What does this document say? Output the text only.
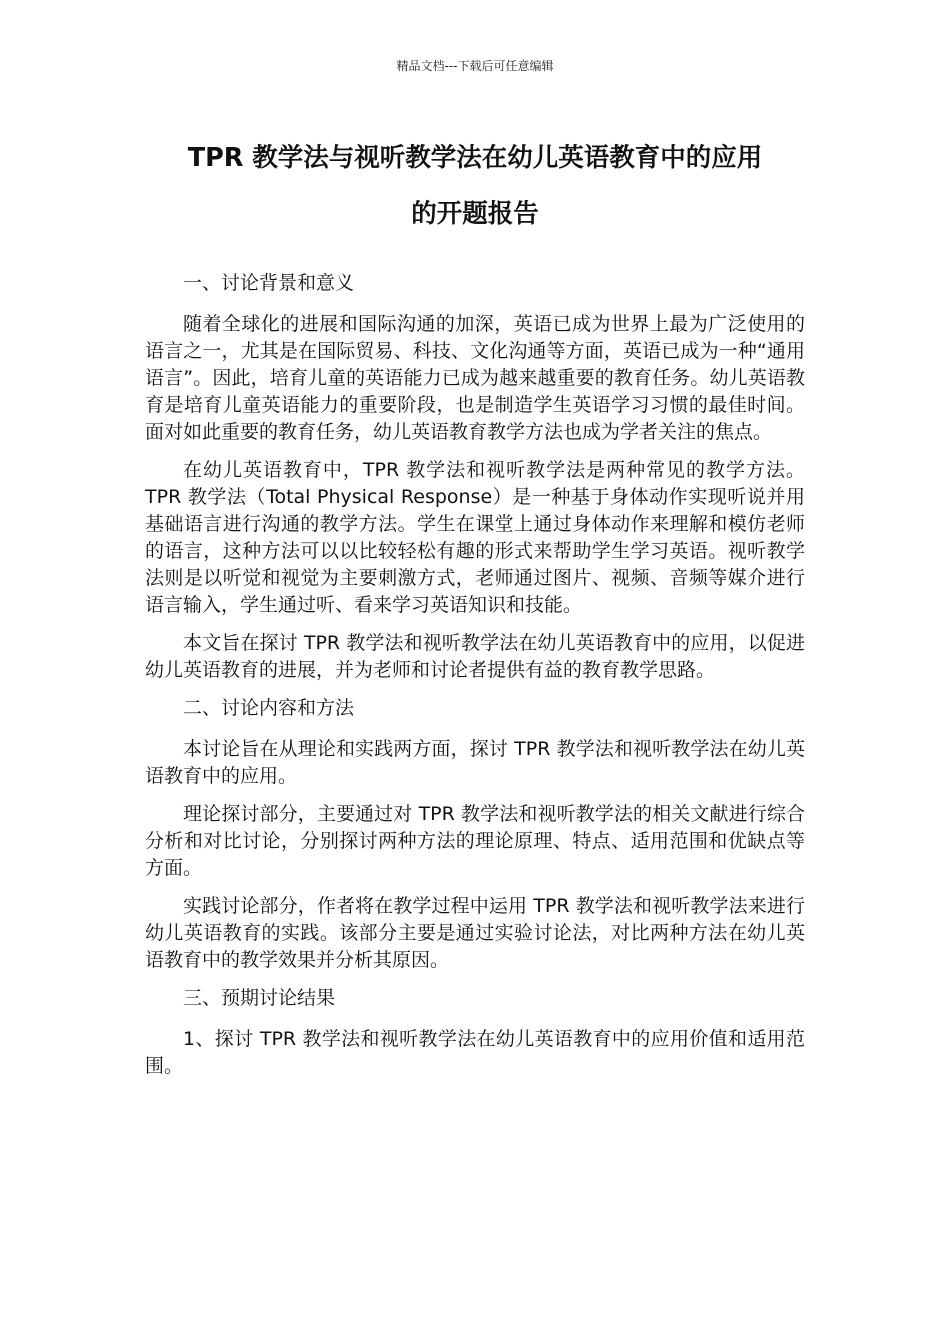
精品文档---下载后可任意编辑
TPR 教学法与视听教学法在幼儿英语教育中的应用
的开题报告

一、讨论背景和意义

随着全球化的进展和国际沟通的加深，英语已成为世界上最为广泛使用的语言之一，尤其是在国际贸易、科技、文化沟通等方面，英语已成为一种“通用语言”。因此，培育儿童的英语能力已成为越来越重要的教育任务。幼儿英语教育是培育儿童英语能力的重要阶段，也是制造学生英语学习习惯的最佳时间。面对如此重要的教育任务，幼儿英语教育教学方法也成为学者关注的焦点。

在幼儿英语教育中，TPR 教学法和视听教学法是两种常见的教学方法。TPR 教学法（Total Physical Response）是一种基于身体动作实现听说并用基础语言进行沟通的教学方法。学生在课堂上通过身体动作来理解和模仿老师的语言，这种方法可以以比较轻松有趣的形式来帮助学生学习英语。视听教学法则是以听觉和视觉为主要刺激方式，老师通过图片、视频、音频等媒介进行语言输入，学生通过听、看来学习英语知识和技能。

本文旨在探讨 TPR 教学法和视听教学法在幼儿英语教育中的应用，以促进幼儿英语教育的进展，并为老师和讨论者提供有益的教育教学思路。

二、讨论内容和方法

本讨论旨在从理论和实践两方面，探讨 TPR 教学法和视听教学法在幼儿英语教育中的应用。

理论探讨部分，主要通过对 TPR 教学法和视听教学法的相关文献进行综合分析和对比讨论，分别探讨两种方法的理论原理、特点、适用范围和优缺点等方面。

实践讨论部分，作者将在教学过程中运用 TPR 教学法和视听教学法来进行幼儿英语教育的实践。该部分主要是通过实验讨论法，对比两种方法在幼儿英语教育中的教学效果并分析其原因。

三、预期讨论结果

1、探讨 TPR 教学法和视听教学法在幼儿英语教育中的应用价值和适用范围。
